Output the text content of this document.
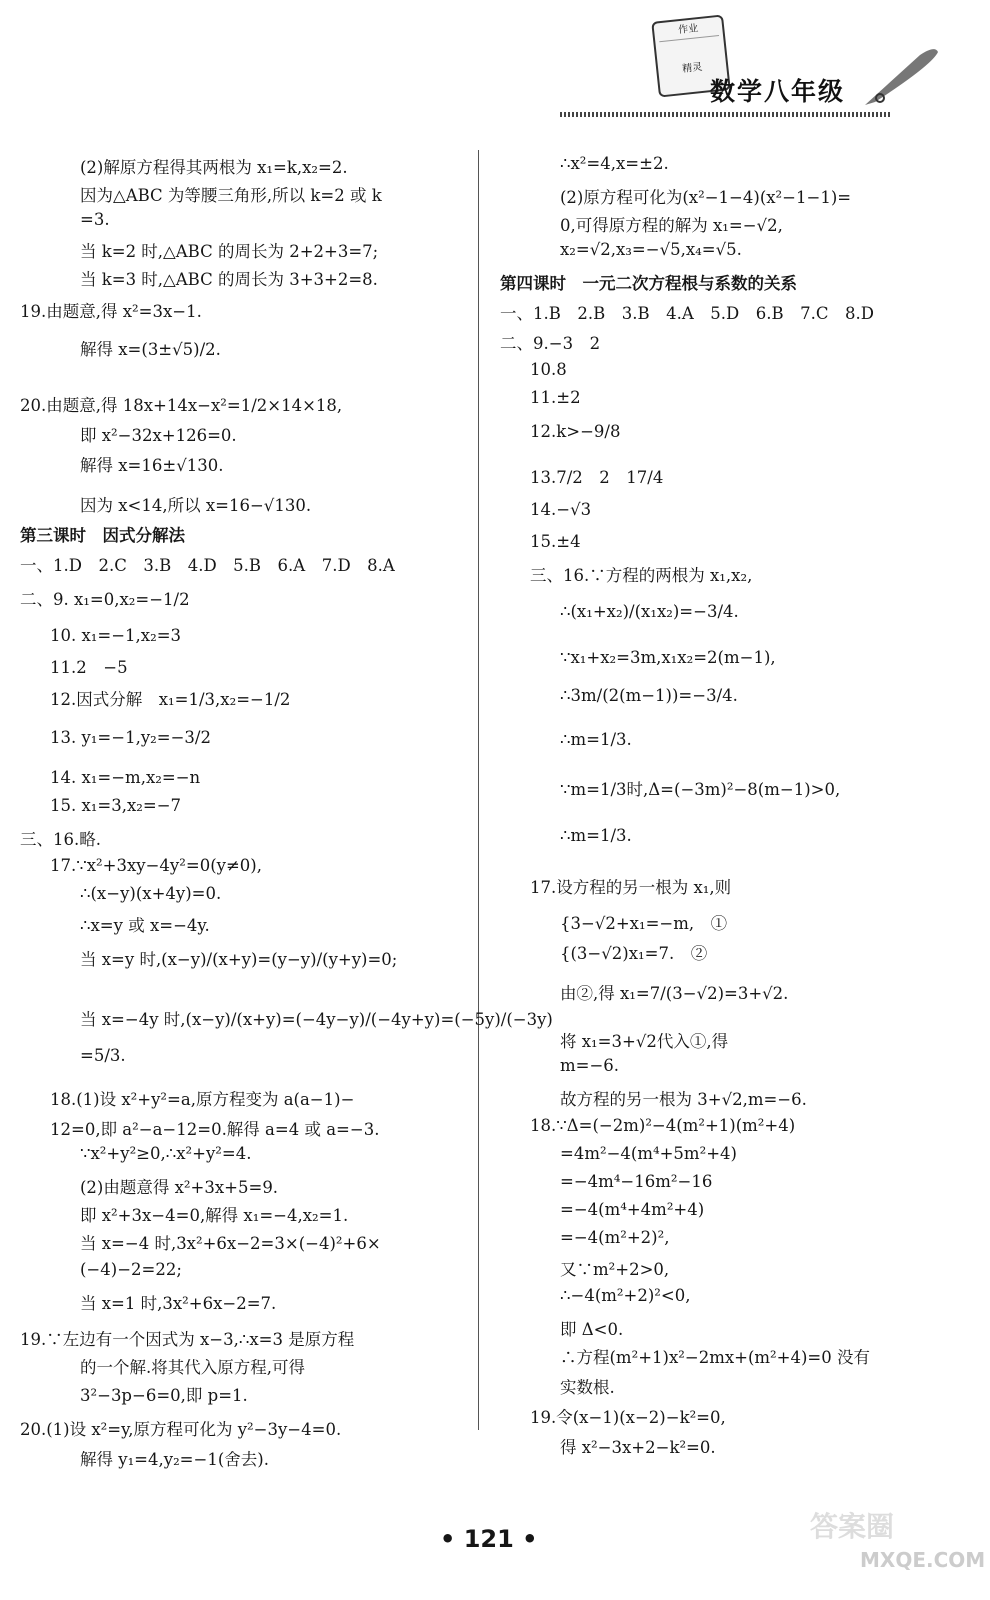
作业
精灵
数学八年级
(2)解原方程得其两根为 x₁=k,x₂=2.
因为△ABC 为等腰三角形,所以 k=2 或 k
=3.
当 k=2 时,△ABC 的周长为 2+2+3=7;
当 k=3 时,△ABC 的周长为 3+3+2=8.
19.由题意,得 x²=3x−1.
解得 x=(3±√5)/2.
20.由题意,得 18x+14x−x²=1/2×14×18,
即 x²−32x+126=0.
解得 x=16±√130.
因为 x<14,所以 x=16−√130.
第三课时　因式分解法
一、1.D　2.C　3.B　4.D　5.B　6.A　7.D　8.A
二、9. x₁=0,x₂=−1/2
10. x₁=−1,x₂=3
11.2　−5
12.因式分解　x₁=1/3,x₂=−1/2
13. y₁=−1,y₂=−3/2
14. x₁=−m,x₂=−n
15. x₁=3,x₂=−7
三、16.略.
17.∵x²+3xy−4y²=0(y≠0),
∴(x−y)(x+4y)=0.
∴x=y 或 x=−4y.
当 x=y 时,(x−y)/(x+y)=(y−y)/(y+y)=0;
当 x=−4y 时,(x−y)/(x+y)=(−4y−y)/(−4y+y)=(−5y)/(−3y)
=5/3.
18.(1)设 x²+y²=a,原方程变为 a(a−1)−
12=0,即 a²−a−12=0.解得 a=4 或 a=−3.
∵x²+y²≥0,∴x²+y²=4.
(2)由题意得 x²+3x+5=9.
即 x²+3x−4=0,解得 x₁=−4,x₂=1.
当 x=−4 时,3x²+6x−2=3×(−4)²+6×
(−4)−2=22;
当 x=1 时,3x²+6x−2=7.
19.∵左边有一个因式为 x−3,∴x=3 是原方程
的一个解.将其代入原方程,可得
3²−3p−6=0,即 p=1.
20.(1)设 x²=y,原方程可化为 y²−3y−4=0.
解得 y₁=4,y₂=−1(舍去).
∴x²=4,x=±2.
(2)原方程可化为(x²−1−4)(x²−1−1)=
0,可得原方程的解为 x₁=−√2,
x₂=√2,x₃=−√5,x₄=√5.
第四课时　一元二次方程根与系数的关系
一、1.B　2.B　3.B　4.A　5.D　6.B　7.C　8.D
二、9.−3　2
10.8
11.±2
12.k>−9/8
13.7/2　2　17/4
14.−√3
15.±4
三、16.∵方程的两根为 x₁,x₂,
∴(x₁+x₂)/(x₁x₂)=−3/4.
∵x₁+x₂=3m,x₁x₂=2(m−1),
∴3m/(2(m−1))=−3/4.
∴m=1/3.
∵m=1/3时,Δ=(−3m)²−8(m−1)>0,
∴m=1/3.
17.设方程的另一根为 x₁,则
{3−√2+x₁=−m,　①
{(3−√2)x₁=7.　②
由②,得 x₁=7/(3−√2)=3+√2.
将 x₁=3+√2代入①,得
m=−6.
故方程的另一根为 3+√2,m=−6.
18.∵Δ=(−2m)²−4(m²+1)(m²+4)
=4m²−4(m⁴+5m²+4)
=−4m⁴−16m²−16
=−4(m⁴+4m²+4)
=−4(m²+2)²,
又∵m²+2>0,
∴−4(m²+2)²<0,
即 Δ<0.
∴方程(m²+1)x²−2mx+(m²+4)=0 没有
实数根.
19.令(x−1)(x−2)−k²=0,
得 x²−3x+2−k²=0.
• 121 •	答案圈
MXQE.COM
